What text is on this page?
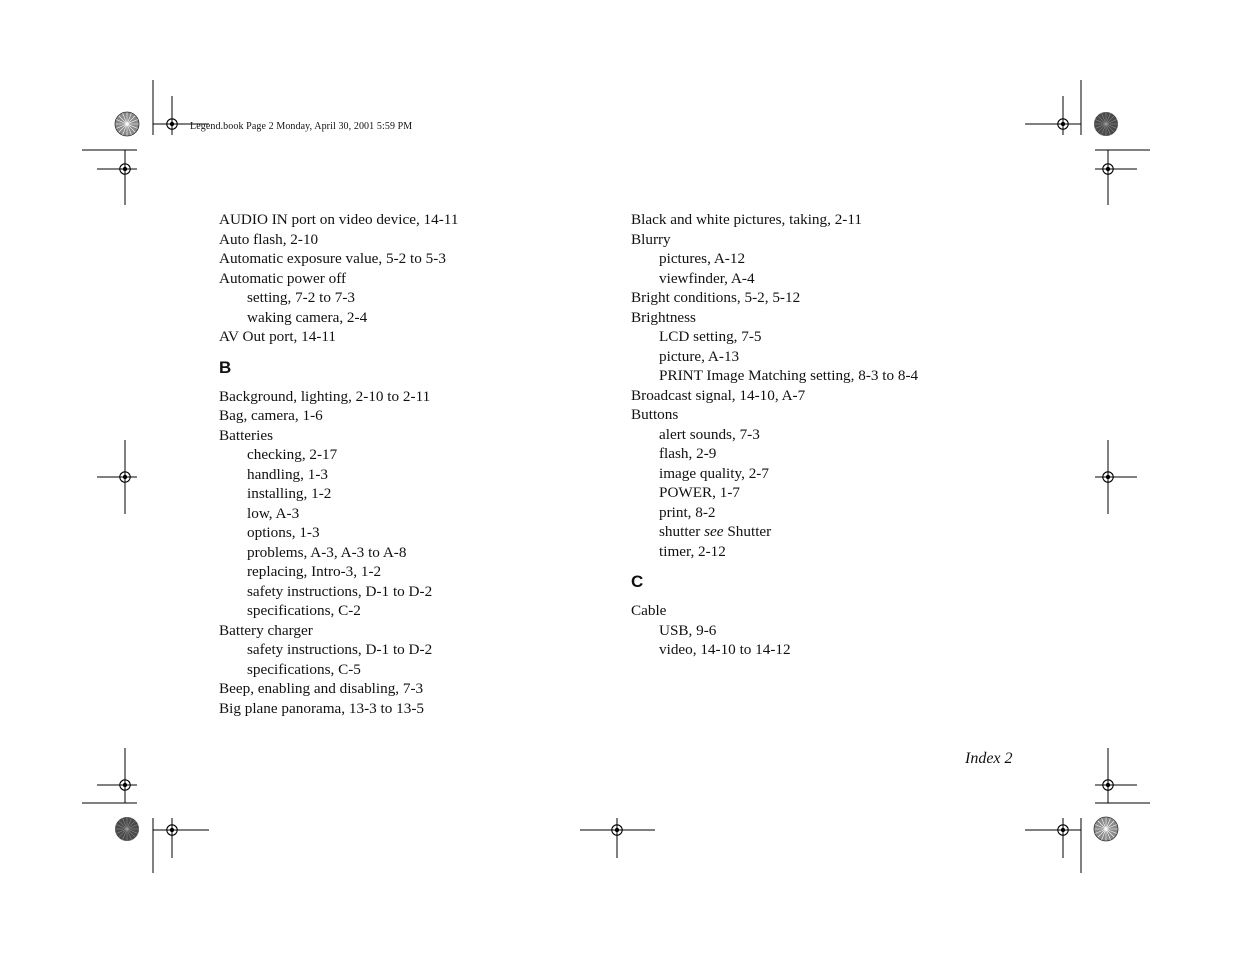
Legend.book Page 2 Monday, April 30, 2001 5:59 PM
AUDIO IN port on video device, 14-11
Auto flash, 2-10
Automatic exposure value, 5-2 to 5-3
Automatic power off
setting, 7-2 to 7-3
waking camera, 2-4
AV Out port, 14-11
B
Background, lighting, 2-10 to 2-11
Bag, camera, 1-6
Batteries
checking, 2-17
handling, 1-3
installing, 1-2
low, A-3
options, 1-3
problems, A-3, A-3 to A-8
replacing, Intro-3, 1-2
safety instructions, D-1 to D-2
specifications, C-2
Battery charger
safety instructions, D-1 to D-2
specifications, C-5
Beep, enabling and disabling, 7-3
Big plane panorama, 13-3 to 13-5
Black and white pictures, taking, 2-11
Blurry
pictures, A-12
viewfinder, A-4
Bright conditions, 5-2, 5-12
Brightness
LCD setting, 7-5
picture, A-13
PRINT Image Matching setting, 8-3 to 8-4
Broadcast signal, 14-10, A-7
Buttons
alert sounds, 7-3
flash, 2-9
image quality, 2-7
POWER, 1-7
print, 8-2
shutter see Shutter
timer, 2-12
C
Cable
USB, 9-6
video, 14-10 to 14-12
Index 2
